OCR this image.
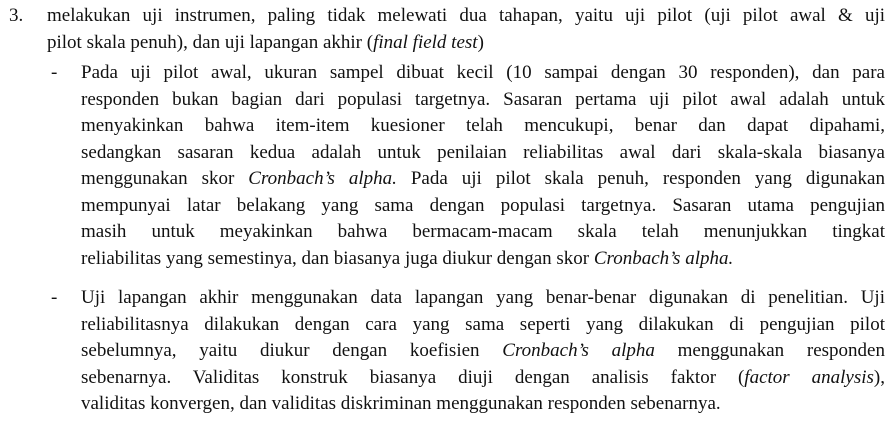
3. melakukan uji instrumen, paling tidak melewati dua tahapan, yaitu uji pilot (uji pilot awal & uji
pilot skala penuh), dan uji lapangan akhir (final field test)
- Pada uji pilot awal, ukuran sampel dibuat kecil (10 sampai dengan 30 responden), dan para
responden bukan bagian dari populasi targetnya. Sasaran pertama uji pilot awal adalah untuk
menyakinkan bahwa item-item kuesioner telah mencukupi, benar dan dapat dipahami,
sedangkan sasaran kedua adalah untuk penilaian reliabilitas awal dari skala-skala biasanya
menggunakan skor Cronbach’s alpha. Pada uji pilot skala penuh, responden yang digunakan
mempunyai latar belakang yang sama dengan populasi targetnya. Sasaran utama pengujian
masih untuk meyakinkan bahwa bermacam-macam skala telah menunjukkan tingkat
reliabilitas yang semestinya, dan biasanya juga diukur dengan skor Cronbach’s alpha.
- Uji lapangan akhir menggunakan data lapangan yang benar-benar digunakan di penelitian. Uji
reliabilitasnya dilakukan dengan cara yang sama seperti yang dilakukan di pengujian pilot
sebelumnya, yaitu diukur dengan koefisien Cronbach’s alpha menggunakan responden
sebenarnya. Validitas konstruk biasanya diuji dengan analisis faktor (factor analysis),
validitas konvergen, dan validitas diskriminan menggunakan responden sebenarnya.
